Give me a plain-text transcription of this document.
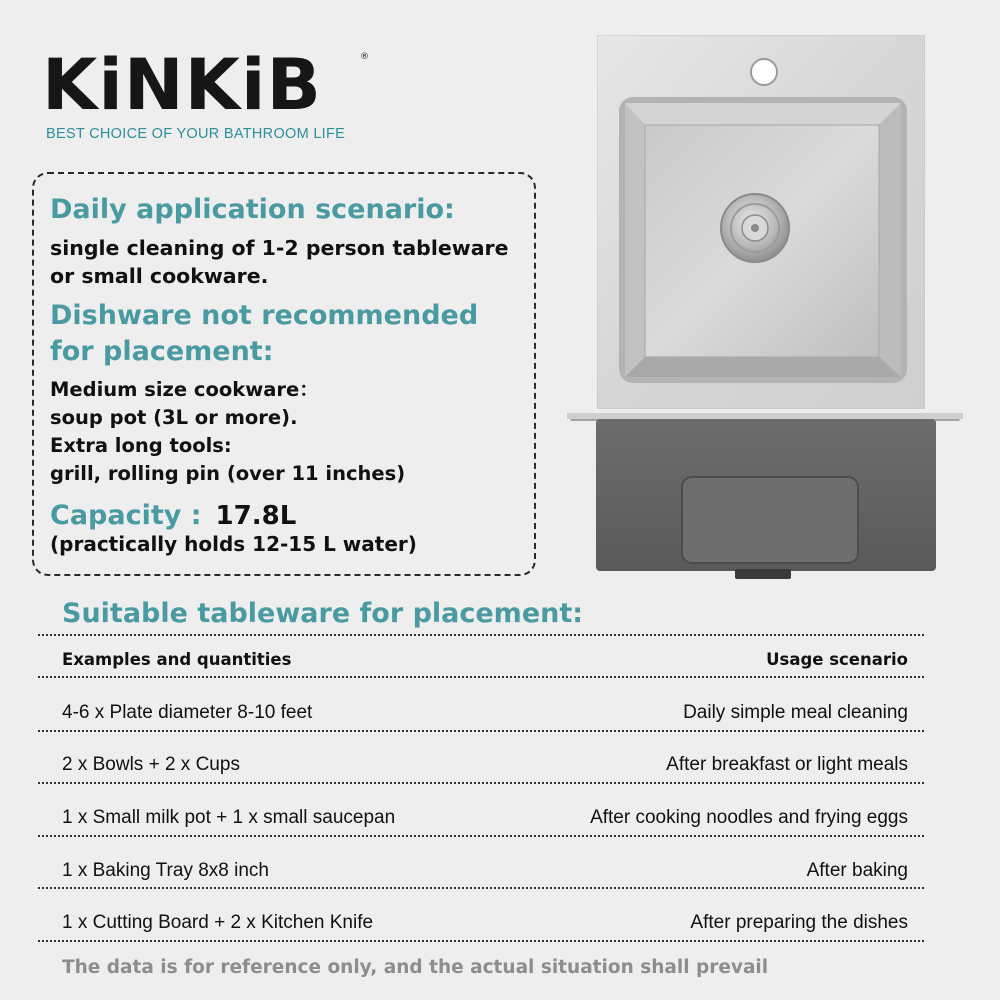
KiNKiB	®
BEST CHOICE OF YOUR BATHROOM LIFE
Daily application scenario:
single cleaning of 1-2 person tableware or small cookware.
Dishware not recommended for placement:
Medium size cookware：
soup pot (3L or more).
Extra long tools:
grill, rolling pin (over 11 inches)
Capacity : 17.8L
(practically holds 12-15 L water)
Suitable tableware for placement:
Examples and quantities	Usage scenario
4-6 x Plate diameter 8-10 feet	Daily simple meal cleaning
2 x Bowls + 2 x Cups	After breakfast or light meals
1 x Small milk pot + 1 x small saucepan	After cooking noodles and frying eggs
1 x Baking Tray 8x8 inch	After baking
1 x Cutting Board + 2 x Kitchen Knife	After preparing the dishes
The data is for reference only, and the actual situation shall prevail
